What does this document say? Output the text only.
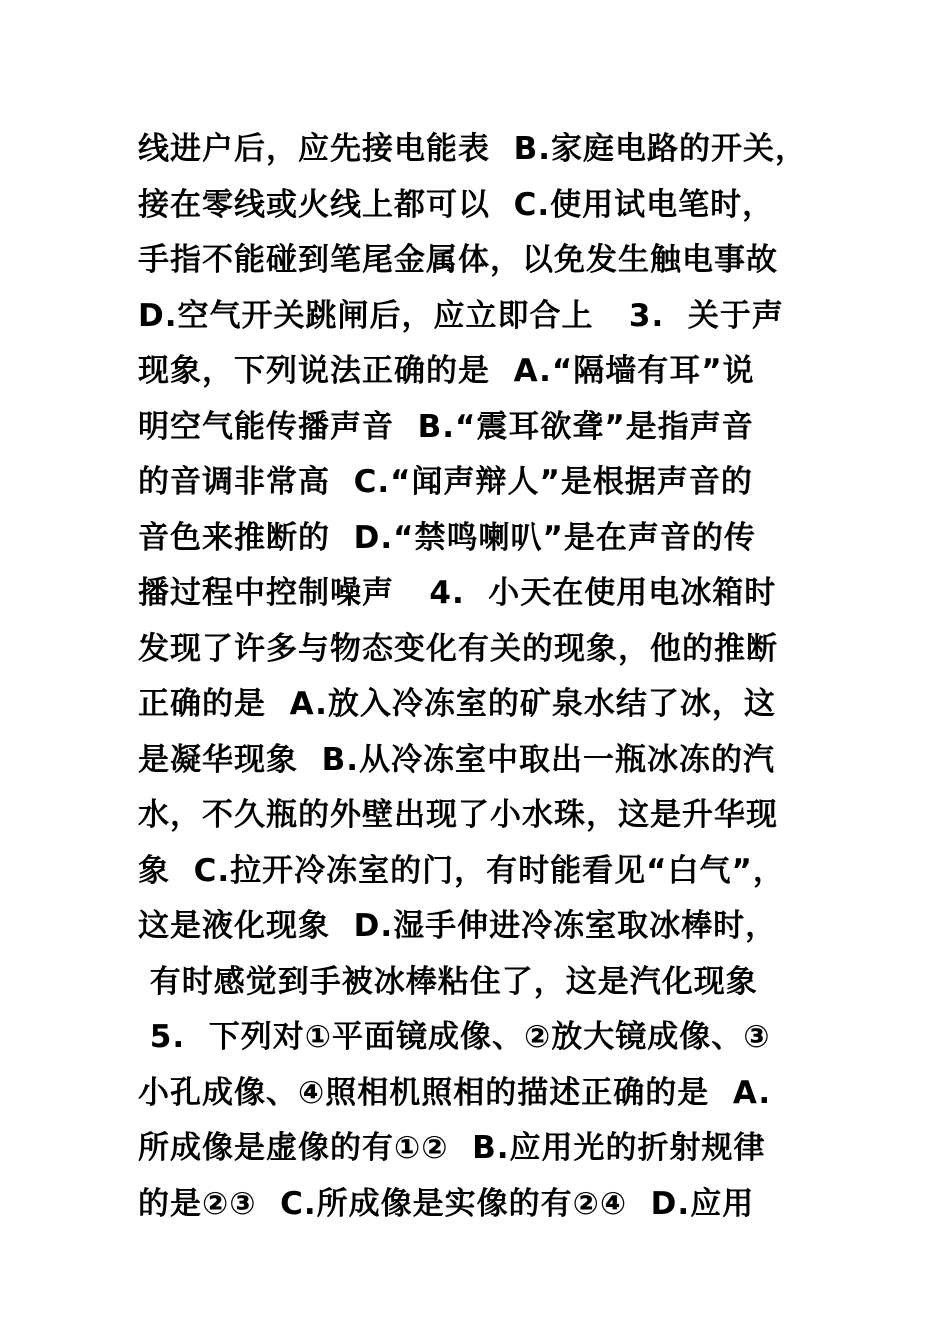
线进户后，应先接电能表  B.家庭电路的开关，
接在零线或火线上都可以  C.使用试电笔时，
手指不能碰到笔尾金属体，以免发生触电事故
D.空气开关跳闸后，应立即合上   3.  关于声
现象，下列说法正确的是  A.“隔墙有耳”说
明空气能传播声音  B.“震耳欲聋”是指声音
的音调非常高  C.“闻声辩人”是根据声音的
音色来推断的  D.“禁鸣喇叭”是在声音的传
播过程中控制噪声   4.  小天在使用电冰箱时
发现了许多与物态变化有关的现象，他的推断
正确的是  A.放入冷冻室的矿泉水结了冰，这
是凝华现象  B.从冷冻室中取出一瓶冰冻的汽
水，不久瓶的外壁出现了小水珠，这是升华现
象  C.拉开冷冻室的门，有时能看见“白气”，
这是液化现象  D.湿手伸进冷冻室取冰棒时，
有时感觉到手被冰棒粘住了，这是汽化现象
5.  下列对①平面镜成像、②放大镜成像、③
小孔成像、④照相机照相的描述正确的是  A.
所成像是虚像的有①②  B.应用光的折射规律
的是②③  C.所成像是实像的有②④  D.应用
